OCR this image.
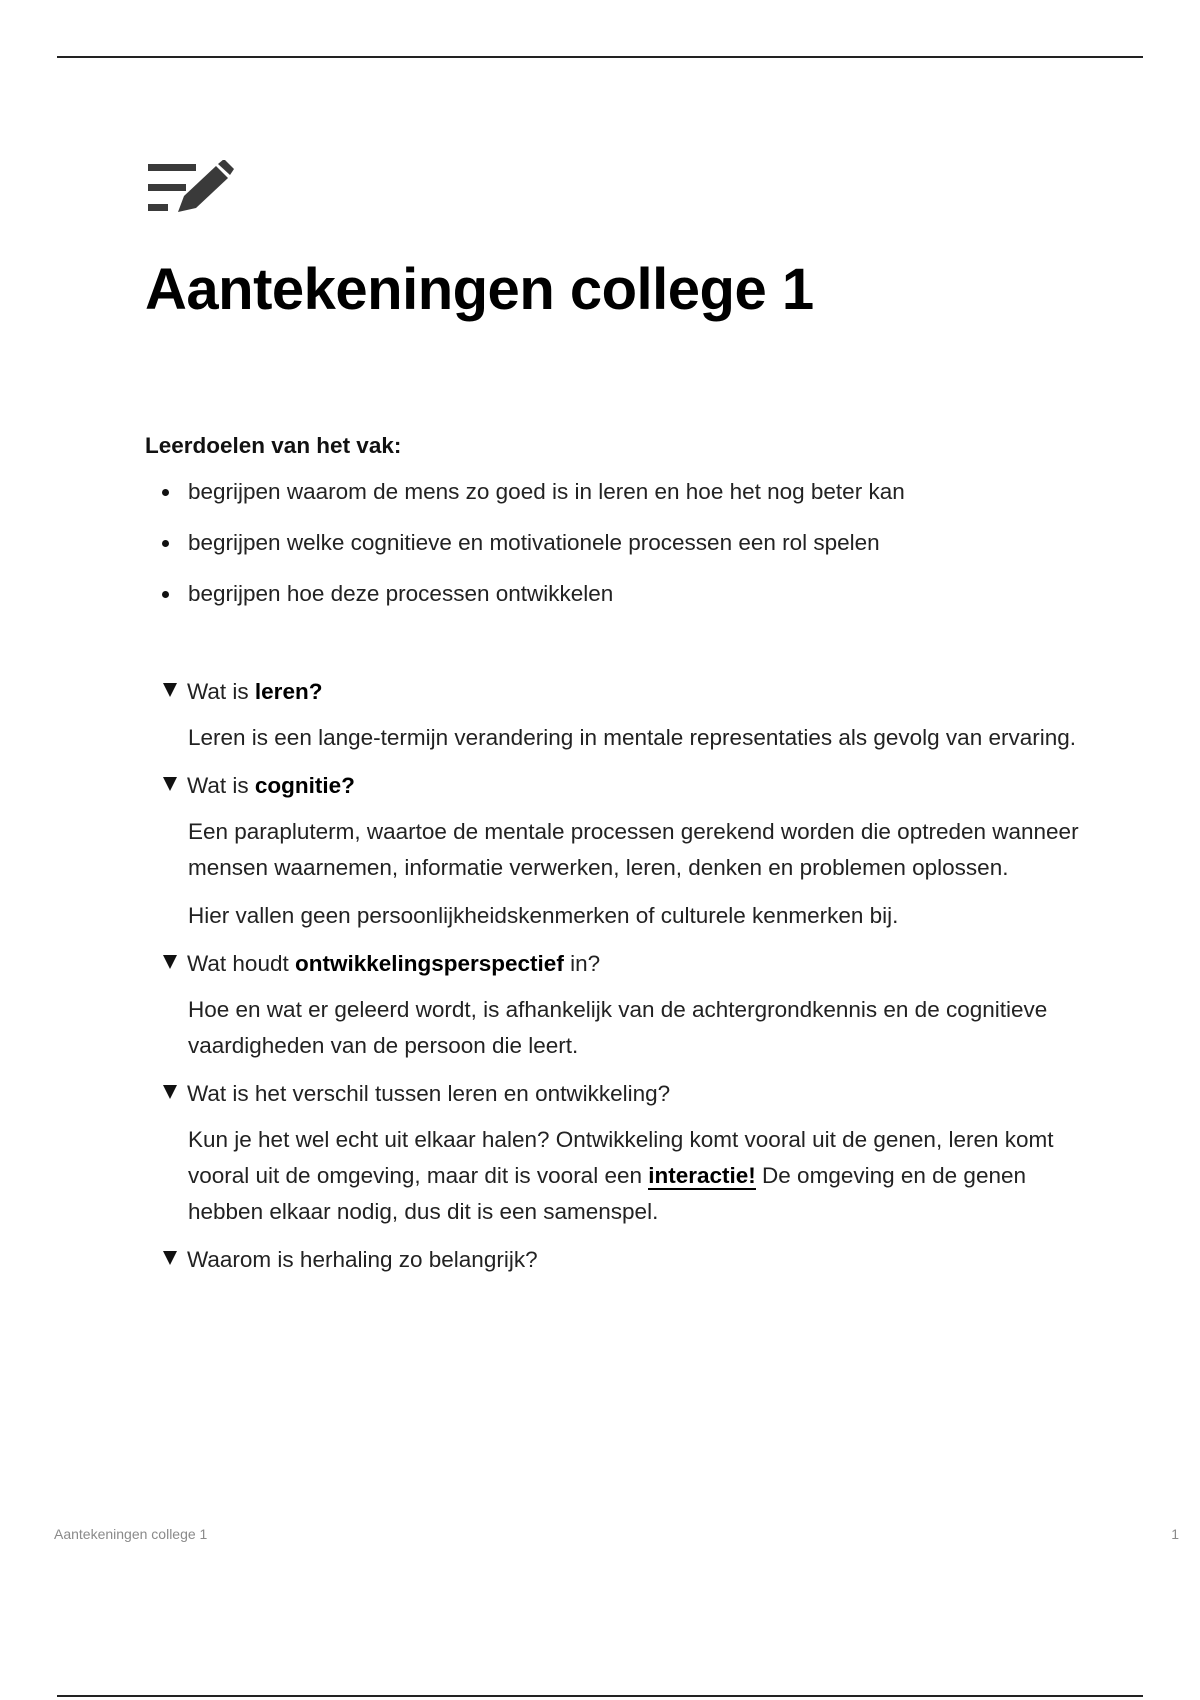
Aantekeningen college 1
Leerdoelen van het vak:
begrijpen waarom de mens zo goed is in leren en hoe het nog beter kan
begrijpen welke cognitieve en motivationele processen een rol spelen
begrijpen hoe deze processen ontwikkelen
Wat is leren?

Leren is een lange-termijn verandering in mentale representaties als gevolg van ervaring.

Wat is cognitie?

Een parapluterm, waartoe de mentale processen gerekend worden die optreden wanneer mensen waarnemen, informatie verwerken, leren, denken en problemen oplossen.

Hier vallen geen persoonlijkheidskenmerken of culturele kenmerken bij.

Wat houdt ontwikkelingsperspectief in?

Hoe en wat er geleerd wordt, is afhankelijk van de achtergrondkennis en de cognitieve vaardigheden van de persoon die leert.

Wat is het verschil tussen leren en ontwikkeling?

Kun je het wel echt uit elkaar halen? Ontwikkeling komt vooral uit de genen, leren komt vooral uit de omgeving, maar dit is vooral een interactie! De omgeving en de genen hebben elkaar nodig, dus dit is een samenspel.

Waarom is herhaling zo belangrijk?
Aantekeningen college 1	1
